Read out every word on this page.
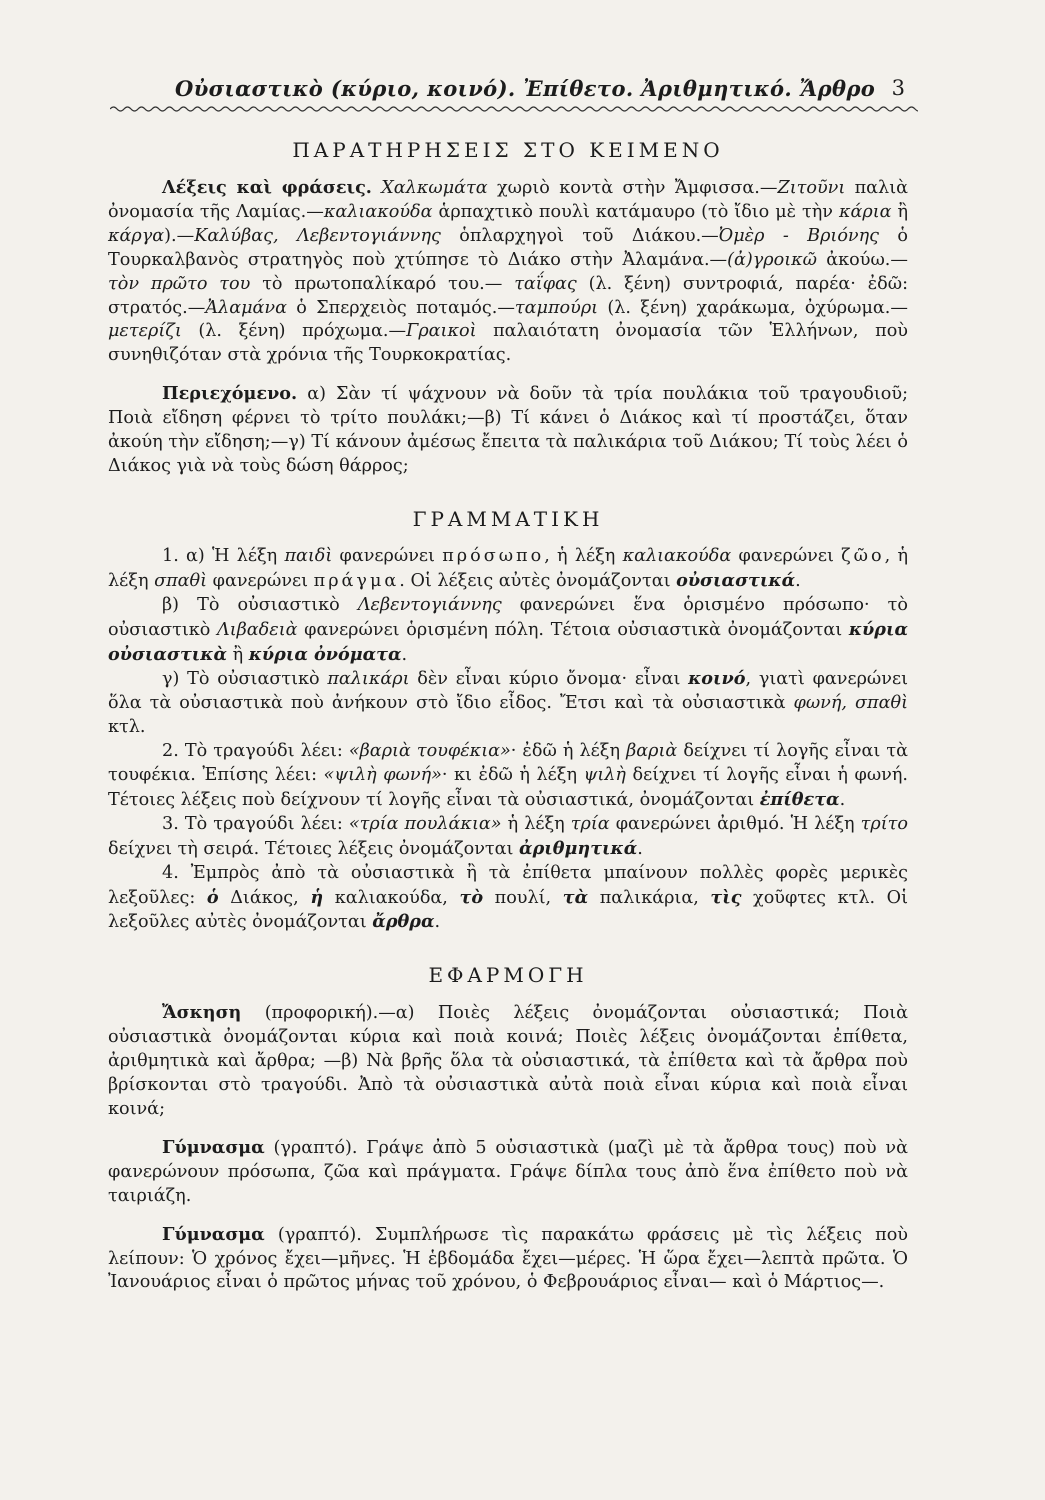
Οὐσιαστικὸ (κύριο, κοινό). Ἐπίθετο. Ἀριθμητικό. Ἄρθρο 3
ΠΑΡΑΤΗΡΗΣΕΙΣ ΣΤΟ ΚΕΙΜΕΝΟ

Λέξεις καὶ φράσεις. Χαλκωμάτα χωριὸ κοντὰ στὴν Ἄμφισσα.—Ζιτοῦνι παλιὰ ὀνομασία τῆς Λαμίας.—καλιακούδα ἁρπαχτικὸ πουλὶ κατάμαυρο (τὸ ἴδιο μὲ τὴν κάρια ἢ κάργα).—Καλύβας, Λεβεντογιάννης ὁπλαρχηγοὶ τοῦ Διάκου.—Ὀμὲρ - Βριόνης ὁ Τουρκαλβανὸς στρατηγὸς ποὺ χτύπησε τὸ Διάκο στὴν Ἀλαμάνα.—(ἀ)γροικῶ ἀκούω.— τὸν πρῶτο του τὸ πρωτοπαλίκαρό του.— ταΐφας (λ. ξένη) συντροφιά, παρέα· ἐδῶ: στρατός.—Ἀλαμάνα ὁ Σπερχειὸς ποταμός.—ταμπούρι (λ. ξένη) χαράκωμα, ὀχύρωμα.—μετερίζι (λ. ξένη) πρόχωμα.—Γραικοὶ παλαιότατη ὀνομασία τῶν Ἑλλήνων, ποὺ συνηθιζόταν στὰ χρόνια τῆς Τουρκοκρατίας.

Περιεχόμενο. α) Σὰν τί ψάχνουν νὰ δοῦν τὰ τρία πουλάκια τοῦ τραγουδιοῦ; Ποιὰ εἴδηση φέρνει τὸ τρίτο πουλάκι;—β) Τί κάνει ὁ Διάκος καὶ τί προστάζει, ὅταν ἀκούη τὴν εἴδηση;—γ) Τί κάνουν ἀμέσως ἔπειτα τὰ παλικάρια τοῦ Διάκου; Τί τοὺς λέει ὁ Διάκος γιὰ νὰ τοὺς δώση θάρρος;

ΓΡΑΜΜΑΤΙΚΗ

1. α) Ἡ λέξη παιδὶ φανερώνει πρόσωπο, ἡ λέξη καλιακούδα φανερώνει ζῶο, ἡ λέξη σπαθὶ φανερώνει πράγμα. Οἱ λέξεις αὐτὲς ὀνομάζονται οὐσιαστικά.

β) Τὸ οὐσιαστικὸ Λεβεντογιάννης φανερώνει ἕνα ὁρισμένο πρόσωπο· τὸ οὐσιαστικὸ Λιβαδειὰ φανερώνει ὁρισμένη πόλη. Τέτοια οὐσιαστικὰ ὀνομάζονται κύρια οὐσιαστικὰ ἢ κύρια ὀνόματα.

γ) Τὸ οὐσιαστικὸ παλικάρι δὲν εἶναι κύριο ὄνομα· εἶναι κοινό, γιατὶ φανερώνει ὅλα τὰ οὐσιαστικὰ ποὺ ἀνήκουν στὸ ἴδιο εἶδος. Ἔτσι καὶ τὰ οὐσιαστικὰ φωνή, σπαθὶ κτλ.

2. Τὸ τραγούδι λέει: «βαριὰ τουφέκια»· ἐδῶ ἡ λέξη βαριὰ δείχνει τί λογῆς εἶναι τὰ τουφέκια. Ἐπίσης λέει: «ψιλὴ φωνή»· κι ἐδῶ ἡ λέξη ψιλὴ δείχνει τί λογῆς εἶναι ἡ φωνή. Τέτοιες λέξεις ποὺ δείχνουν τί λογῆς εἶναι τὰ οὐσιαστικά, ὀνομάζονται ἐπίθετα.

3. Τὸ τραγούδι λέει: «τρία πουλάκια» ἡ λέξη τρία φανερώνει ἀριθμό. Ἡ λέξη τρίτο δείχνει τὴ σειρά. Τέτοιες λέξεις ὀνομάζονται ἀριθμητικά.

4. Ἐμπρὸς ἀπὸ τὰ οὐσιαστικὰ ἢ τὰ ἐπίθετα μπαίνουν πολλὲς φορὲς μερικὲς λεξοῦλες: ὁ Διάκος, ἡ καλιακούδα, τὸ πουλί, τὰ παλικάρια, τὶς χοῦφτες κτλ. Οἱ λεξοῦλες αὐτὲς ὀνομάζονται ἄρθρα.

ΕΦΑΡΜΟΓΗ

Ἄσκηση (προφορική).—α) Ποιὲς λέξεις ὀνομάζονται οὐσιαστικά; Ποιὰ οὐσιαστικὰ ὀνομάζονται κύρια καὶ ποιὰ κοινά; Ποιὲς λέξεις ὀνομάζονται ἐπίθετα, ἀριθμητικὰ καὶ ἄρθρα; —β) Νὰ βρῆς ὅλα τὰ οὐσιαστικά, τὰ ἐπίθετα καὶ τὰ ἄρθρα ποὺ βρίσκονται στὸ τραγούδι. Ἀπὸ τὰ οὐσιαστικὰ αὐτὰ ποιὰ εἶναι κύρια καὶ ποιὰ εἶναι κοινά;

Γύμνασμα (γραπτό). Γράψε ἀπὸ 5 οὐσιαστικὰ (μαζὶ μὲ τὰ ἄρθρα τους) ποὺ νὰ φανερώνουν πρόσωπα, ζῶα καὶ πράγματα. Γράψε δίπλα τους ἀπὸ ἕνα ἐπίθετο ποὺ νὰ ταιριάζη.

Γύμνασμα (γραπτό). Συμπλήρωσε τὶς παρακάτω φράσεις μὲ τὶς λέξεις ποὺ λείπουν: Ὁ χρόνος ἔχει—μῆνες. Ἡ ἑβδομάδα ἔχει—μέρες. Ἡ ὥρα ἔχει—λεπτὰ πρῶτα. Ὁ Ἰανουάριος εἶναι ὁ πρῶτος μήνας τοῦ χρόνου, ὁ Φεβρουάριος εἶναι— καὶ ὁ Μάρτιος—.
